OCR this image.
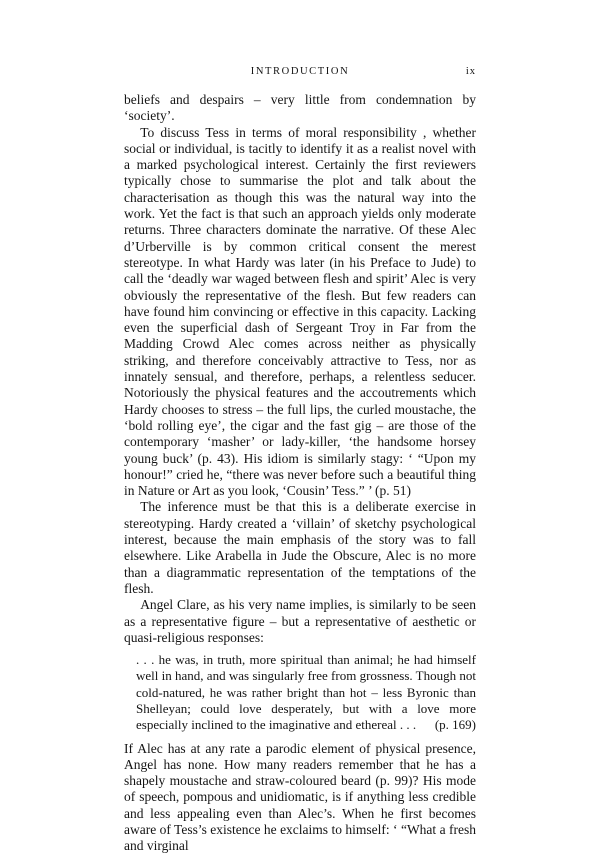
INTRODUCTION	ix

beliefs and despairs – very little from condemnation by ‘society’.

To discuss Tess in terms of moral responsibility , whether social or individual, is tacitly to identify it as a realist novel with a marked psychological interest. Certainly the first reviewers typically chose to summarise the plot and talk about the characterisation as though this was the natural way into the work. Yet the fact is that such an approach yields only moderate returns. Three characters dominate the narrative. Of these Alec d’Urberville is by common critical consent the merest stereotype. In what Hardy was later (in his Preface to Jude) to call the ‘deadly war waged between flesh and spirit’ Alec is very obviously the representative of the flesh. But few readers can have found him convincing or effective in this capacity. Lacking even the superficial dash of Sergeant Troy in Far from the Madding Crowd Alec comes across neither as physically striking, and therefore conceivably attractive to Tess, nor as innately sensual, and therefore, perhaps, a relentless seducer. Notoriously the physical features and the accoutrements which Hardy chooses to stress – the full lips, the curled moustache, the ‘bold rolling eye’, the cigar and the fast gig – are those of the contemporary ‘masher’ or lady-killer, ‘the handsome horsey young buck’ (p. 43). His idiom is similarly stagy: ‘ “Upon my honour!” cried he, “there was never before such a beautiful thing in Nature or Art as you look, ‘Cousin’ Tess.” ’ (p. 51)

The inference must be that this is a deliberate exercise in stereotyping. Hardy created a ‘villain’ of sketchy psychological interest, because the main emphasis of the story was to fall elsewhere. Like Arabella in Jude the Obscure, Alec is no more than a diagrammatic representation of the temptations of the flesh.

Angel Clare, as his very name implies, is similarly to be seen as a representative figure – but a representative of aesthetic or quasi-religious responses:

. . . he was, in truth, more spiritual than animal; he had himself well in hand, and was singularly free from grossness. Though not cold-natured, he was rather bright than hot – less Byronic than Shelleyan; could love desperately, but with a love more especially inclined to the imaginative and ethereal . . . (p. 169)

If Alec has at any rate a parodic element of physical presence, Angel has none. How many readers remember that he has a shapely moustache and straw-coloured beard (p. 99)? His mode of speech, pompous and unidiomatic, is if anything less credible and less appealing even than Alec’s. When he first becomes aware of Tess’s existence he exclaims to himself: ‘ “What a fresh and virginal
